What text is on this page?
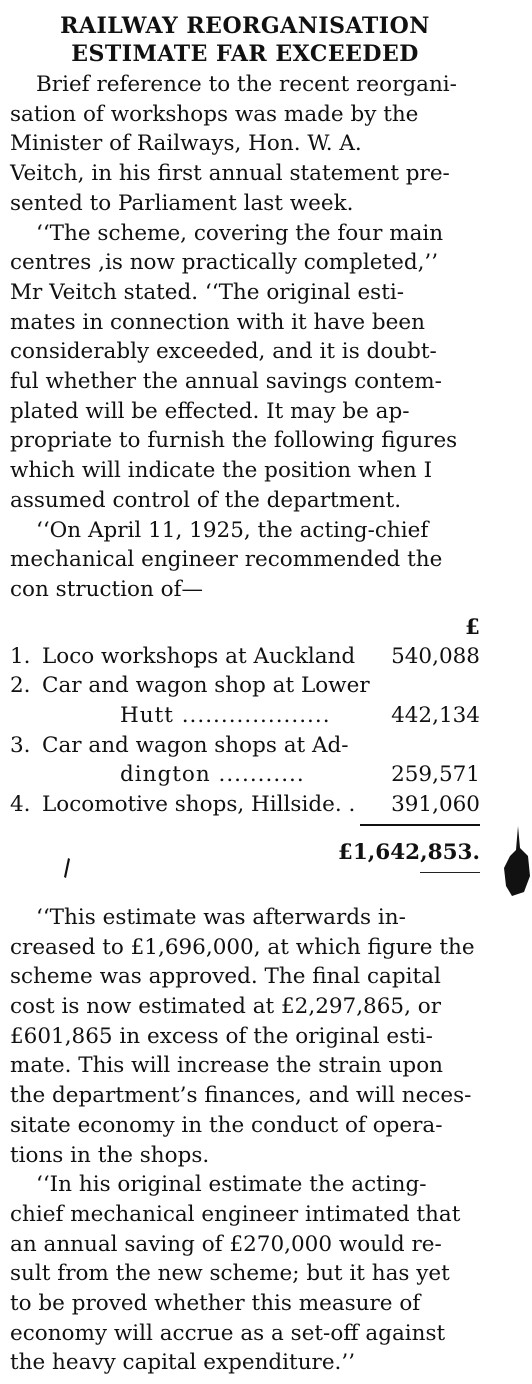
RAILWAY REORGANISATION
ESTIMATE FAR EXCEEDED

Brief reference to the recent reorgani-
sation of workshops was made by the
Minister of Railways, Hon. W. A.
Veitch, in his first annual statement pre-
sented to Parliament last week.

‘‘The scheme, covering the four main
centres ,is now practically completed,’’
Mr Veitch stated. ‘‘The original esti-
mates in connection with it have been
considerably exceeded, and it is doubt-
ful whether the annual savings contem-
plated will be effected. It may be ap-
propriate to furnish the following figures
which will indicate the position when I
assumed control of the department.

‘‘On April 11, 1925, the acting-chief
mechanical engineer recommended the
con struction of—

£
1. Loco workshops at Auckland	540,088
2. Car and wagon shop at Lower
Hutt ...................	442,134
3. Car and wagon shops at Ad-
dington ...........	259,571
4. Locomotive shops, Hillside. .	391,060
£1,642,853.

‘‘This estimate was afterwards in-
creased to £1,696,000, at which figure the
scheme was approved. The final capital
cost is now estimated at £2,297,865, or
£601,865 in excess of the original esti-
mate. This will increase the strain upon
the department’s finances, and will neces-
sitate economy in the conduct of opera-
tions in the shops.

‘‘In his original estimate the acting-
chief mechanical engineer intimated that
an annual saving of £270,000 would re-
sult from the new scheme; but it has yet
to be proved whether this measure of
economy will accrue as a set-off against
the heavy capital expenditure.’’
